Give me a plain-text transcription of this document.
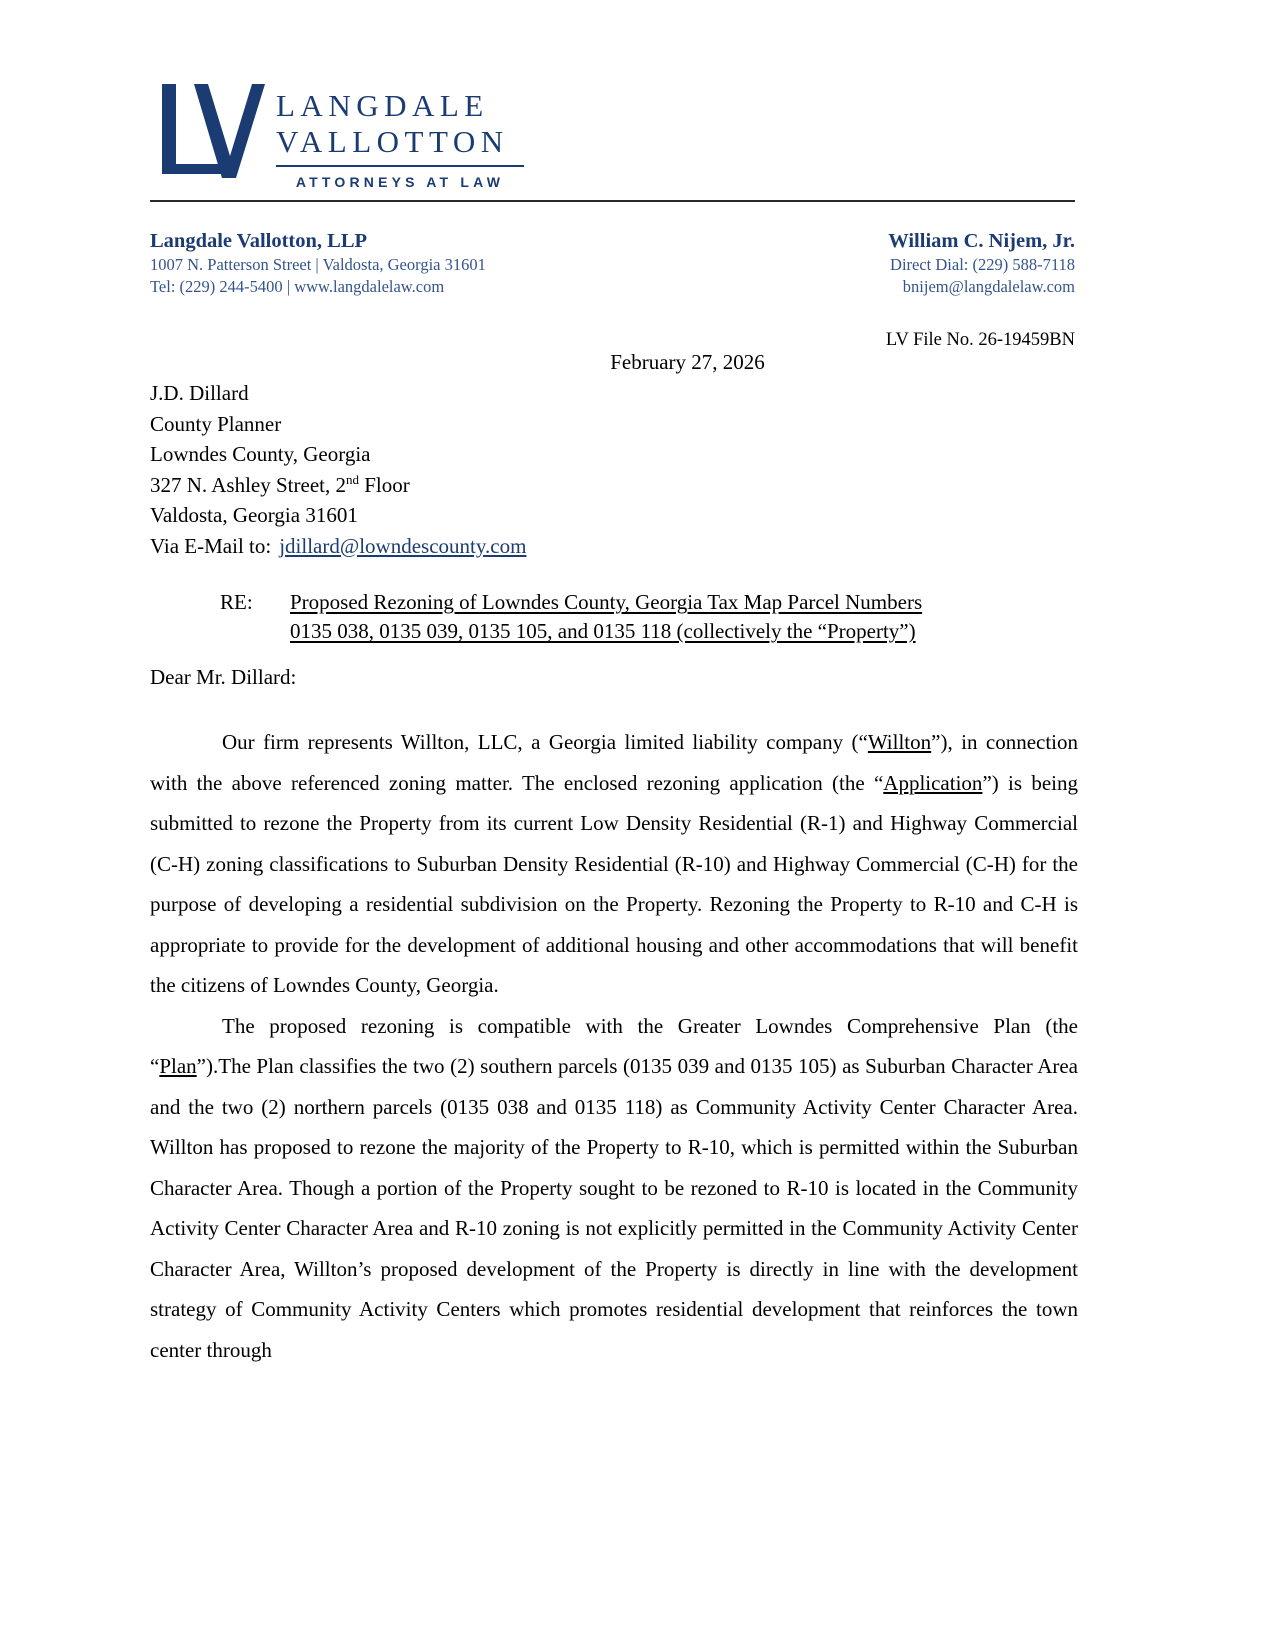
LANGDALE
VALLOTTON
ATTORNEYS AT LAW
Langdale Vallotton, LLP
1007 N. Patterson Street | Valdosta, Georgia 31601
Tel: (229) 244-5400 | www.langdalelaw.com
William C. Nijem, Jr.
Direct Dial: (229) 588-7118
bnijem@langdalelaw.com
LV File No. 26-19459BN
February 27, 2026
J.D. Dillard
County Planner
Lowndes County, Georgia
327 N. Ashley Street, 2nd Floor
Valdosta, Georgia 31601
Via E-Mail to: jdillard@lowndescounty.com
RE:	Proposed Rezoning of Lowndes County, Georgia Tax Map Parcel Numbers
0135 038, 0135 039, 0135 105, and 0135 118 (collectively the “Property”)
Dear Mr. Dillard:

Our firm represents Willton, LLC, a Georgia limited liability company (“Willton”), in connection with the above referenced zoning matter. The enclosed rezoning application (the “Application”) is being submitted to rezone the Property from its current Low Density Residential (R-1) and Highway Commercial (C-H) zoning classifications to Suburban Density Residential (R-10) and Highway Commercial (C-H) for the purpose of developing a residential subdivision on the Property. Rezoning the Property to R-10 and C-H is appropriate to provide for the development of additional housing and other accommodations that will benefit the citizens of Lowndes County, Georgia.

The proposed rezoning is compatible with the Greater Lowndes Comprehensive Plan (the “Plan”).The Plan classifies the two (2) southern parcels (0135 039 and 0135 105) as Suburban Character Area and the two (2) northern parcels (0135 038 and 0135 118) as Community Activity Center Character Area. Willton has proposed to rezone the majority of the Property to R-10, which is permitted within the Suburban Character Area. Though a portion of the Property sought to be rezoned to R-10 is located in the Community Activity Center Character Area and R-10 zoning is not explicitly permitted in the Community Activity Center Character Area, Willton’s proposed development of the Property is directly in line with the development strategy of Community Activity Centers which promotes residential development that reinforces the town center through
